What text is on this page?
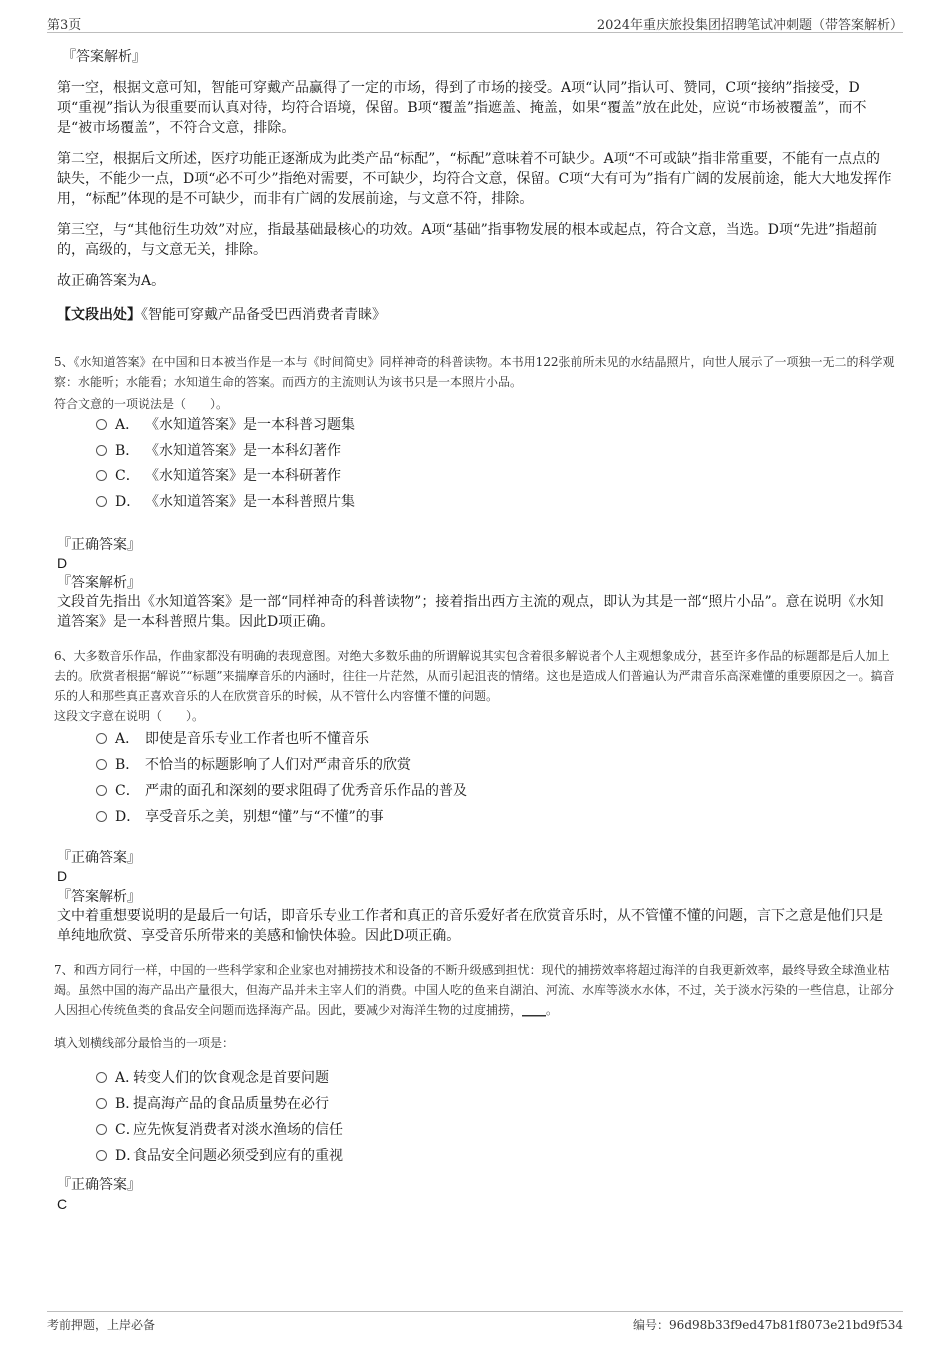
第3页	2024年重庆旅投集团招聘笔试冲刺题（带答案解析）
『答案解析』
第一空，根据文意可知，智能可穿戴产品赢得了一定的市场，得到了市场的接受。A项“认同”指认可、赞同，C项“接纳”指接受，D项“重视”指认为很重要而认真对待，均符合语境，保留。B项“覆盖”指遮盖、掩盖，如果“覆盖”放在此处，应说“市场被覆盖”，而不是“被市场覆盖”，不符合文意，排除。
第二空，根据后文所述，医疗功能正逐渐成为此类产品“标配”，“标配”意味着不可缺少。A项“不可或缺”指非常重要，不能有一点点的缺失，不能少一点，D项“必不可少”指绝对需要，不可缺少，均符合文意，保留。C项“大有可为”指有广阔的发展前途，能大大地发挥作用，“标配”体现的是不可缺少，而非有广阔的发展前途，与文意不符，排除。
第三空，与“其他衍生功效”对应，指最基础最核心的功效。A项“基础”指事物发展的根本或起点，符合文意，当选。D项“先进”指超前的，高级的，与文意无关，排除。
故正确答案为A。
【文段出处】《智能可穿戴产品备受巴西消费者青睐》
5、《水知道答案》在中国和日本被当作是一本与《时间简史》同样神奇的科普读物。本书用122张前所未见的水结晶照片，向世人展示了一项独一无二的科学观察：水能听；水能看；水知道生命的答案。而西方的主流则认为该书只是一本照片小品。
符合文意的一项说法是（　　）。
A． 《水知道答案》是一本科普习题集
B． 《水知道答案》是一本科幻著作
C． 《水知道答案》是一本科研著作
D． 《水知道答案》是一本科普照片集
『正确答案』
D
『答案解析』
文段首先指出《水知道答案》是一部“同样神奇的科普读物”；接着指出西方主流的观点，即认为其是一部“照片小品”。意在说明《水知道答案》是一本科普照片集。因此D项正确。
6、大多数音乐作品，作曲家都没有明确的表现意图。对绝大多数乐曲的所谓解说其实包含着很多解说者个人主观想象成分，甚至许多作品的标题都是后人加上去的。欣赏者根据“解说”“标题”来揣摩音乐的内涵时，往往一片茫然，从而引起沮丧的情绪。这也是造成人们普遍认为严肃音乐高深难懂的重要原因之一。搞音乐的人和那些真正喜欢音乐的人在欣赏音乐的时候，从不管什么内容懂不懂的问题。
这段文字意在说明（　　）。
A． 即使是音乐专业工作者也听不懂音乐
B． 不恰当的标题影响了人们对严肃音乐的欣赏
C． 严肃的面孔和深刻的要求阻碍了优秀音乐作品的普及
D． 享受音乐之美，别想“懂”与“不懂”的事
『正确答案』
D
『答案解析』
文中着重想要说明的是最后一句话，即音乐专业工作者和真正的音乐爱好者在欣赏音乐时，从不管懂不懂的问题，言下之意是他们只是单纯地欣赏、享受音乐所带来的美感和愉快体验。因此D项正确。
7、和西方同行一样，中国的一些科学家和企业家也对捕捞技术和设备的不断升级感到担忧：现代的捕捞效率将超过海洋的自我更新效率，最终导致全球渔业枯竭。虽然中国的海产品出产量很大，但海产品并未主宰人们的消费。中国人吃的鱼来自湖泊、河流、水库等淡水水体，不过，关于淡水污染的一些信息，让部分人因担心传统鱼类的食品安全问题而选择海产品。因此，要减少对海洋生物的过度捕捞，____。
填入划横线部分最恰当的一项是：
A．转变人们的饮食观念是首要问题
B．提高海产品的食品质量势在必行
C．应先恢复消费者对淡水渔场的信任
D．食品安全问题必须受到应有的重视
『正确答案』
C
考前押题，上岸必备	编号：96d98b33f9ed47b81f8073e21bd9f534
